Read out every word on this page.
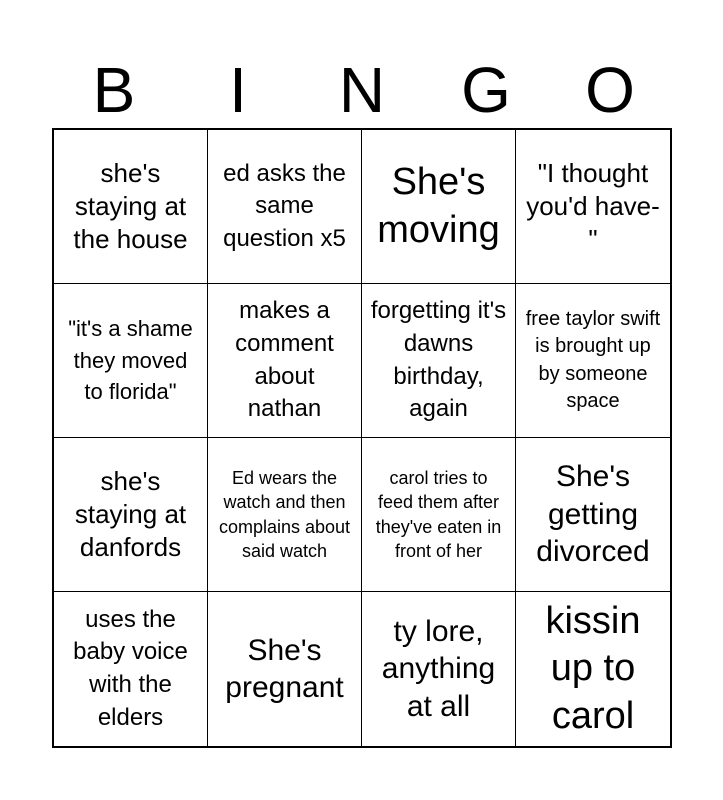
B	I	N	G	O
she's staying at the house
ed asks the same question x5
She's moving
"I thought you'd have-"
"it's a shame they moved to florida"
makes a comment about nathan
forgetting it's dawns birthday, again
free taylor swift is brought up by someone space
she's staying at danfords
Ed wears the watch and then complains about said watch
carol tries to feed them after they've eaten in front of her
She's getting divorced
uses the baby voice with the elders
She's pregnant
ty lore, anything at all
kissin up to carol
